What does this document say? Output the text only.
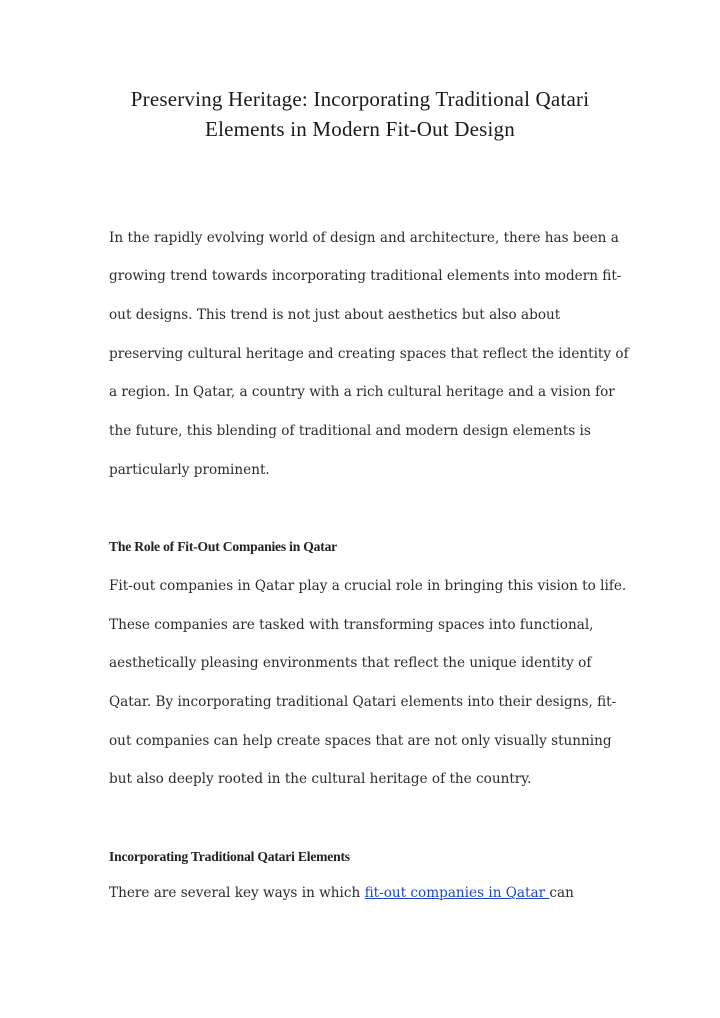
Preserving Heritage: Incorporating Traditional Qatari
Elements in Modern Fit-Out Design

In the rapidly evolving world of design and architecture, there has been a

growing trend towards incorporating traditional elements into modern fit-

out designs. This trend is not just about aesthetics but also about

preserving cultural heritage and creating spaces that reflect the identity of

a region. In Qatar, a country with a rich cultural heritage and a vision for

the future, this blending of traditional and modern design elements is

particularly prominent.

The Role of Fit-Out Companies in Qatar

Fit-out companies in Qatar play a crucial role in bringing this vision to life.

These companies are tasked with transforming spaces into functional,

aesthetically pleasing environments that reflect the unique identity of

Qatar. By incorporating traditional Qatari elements into their designs, fit-

out companies can help create spaces that are not only visually stunning

but also deeply rooted in the cultural heritage of the country.

Incorporating Traditional Qatari Elements

There are several key ways in which fit-out companies in Qatar can
